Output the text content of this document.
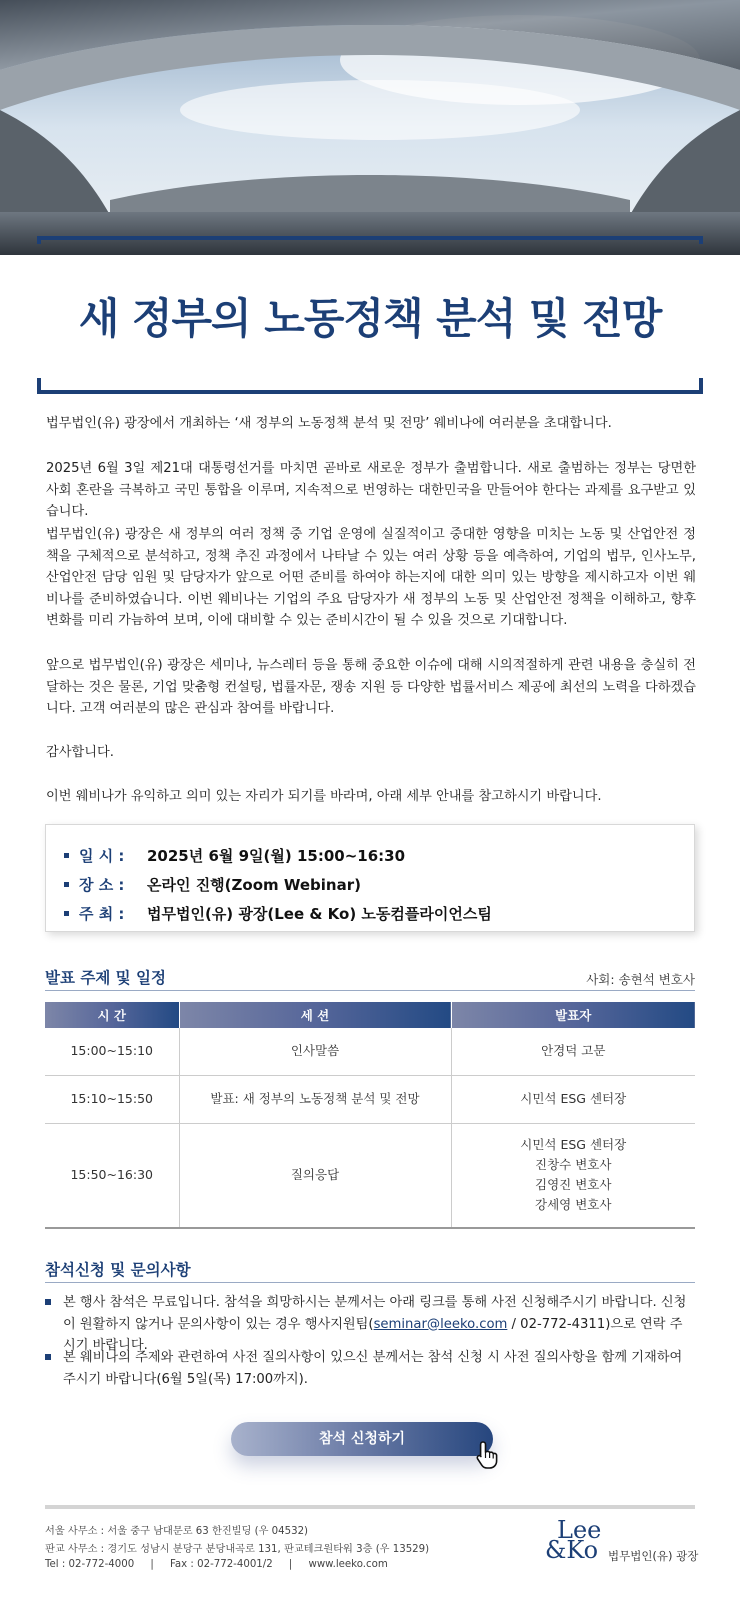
새 정부의 노동정책 분석 및 전망

법무법인(유) 광장에서 개최하는 ‘새 정부의 노동정책 분석 및 전망’ 웨비나에 여러분을 초대합니다.

2025년 6월 3일 제21대 대통령선거를 마치면 곧바로 새로운 정부가 출범합니다. 새로 출범하는 정부는 당면한 사회 혼란을 극복하고 국민 통합을 이루며, 지속적으로 번영하는 대한민국을 만들어야 한다는 과제를 요구받고 있습니다.

법무법인(유) 광장은 새 정부의 여러 정책 중 기업 운영에 실질적이고 중대한 영향을 미치는 노동 및 산업안전 정책을 구체적으로 분석하고, 정책 추진 과정에서 나타날 수 있는 여러 상황 등을 예측하여, 기업의 법무, 인사노무, 산업안전 담당 임원 및 담당자가 앞으로 어떤 준비를 하여야 하는지에 대한 의미 있는 방향을 제시하고자 이번 웨비나를 준비하였습니다. 이번 웨비나는 기업의 주요 담당자가 새 정부의 노동 및 산업안전 정책을 이해하고, 향후 변화를 미리 가늠하여 보며, 이에 대비할 수 있는 준비시간이 될 수 있을 것으로 기대합니다.

앞으로 법무법인(유) 광장은 세미나, 뉴스레터 등을 통해 중요한 이슈에 대해 시의적절하게 관련 내용을 충실히 전달하는 것은 물론, 기업 맞춤형 컨설팅, 법률자문, 쟁송 지원 등 다양한 법률서비스 제공에 최선의 노력을 다하겠습니다. 고객 여러분의 많은 관심과 참여를 바랍니다.

감사합니다.

이번 웨비나가 유익하고 의미 있는 자리가 되기를 바라며, 아래 세부 안내를 참고하시기 바랍니다.

일 시 :	2025년 6월 9일(월) 15:00~16:30
장 소 :	온라인 진행(Zoom Webinar)
주 최 :	법무법인(유) 광장(Lee & Ko) 노동컴플라이언스팀
발표 주제 및 일정	사회: 송현석 변호사
시 간	세 션	발표자
15:00~15:10	인사말씀	안경덕 고문
15:10~15:50	발표: 새 정부의 노동정책 분석 및 전망	시민석 ESG 센터장
15:50~16:30	질의응답	시민석 ESG 센터장
진창수 변호사
김영진 변호사
강세영 변호사
참석신청 및 문의사항
본 행사 참석은 무료입니다. 참석을 희망하시는 분께서는 아래 링크를 통해 사전 신청해주시기 바랍니다. 신청이 원활하지 않거나 문의사항이 있는 경우 행사지원팀(seminar@leeko.com / 02-772-4311)으로 연락 주시기 바랍니다.
본 웨비나의 주제와 관련하여 사전 질의사항이 있으신 분께서는 참석 신청 시 사전 질의사항을 함께 기재하여 주시기 바랍니다(6월 5일(목) 17:00까지).
참석 신청하기
서울 사무소 : 서울 중구 남대문로 63 한진빌딩 (우 04532)
판교 사무소 : 경기도 성남시 분당구 분당내곡로 131, 판교테크원타워 3층 (우 13529)
Tel : 02-772-4000     |     Fax : 02-772-4001/2     |     www.leeko.com
Lee
&Ko 법무법인(유) 광장
